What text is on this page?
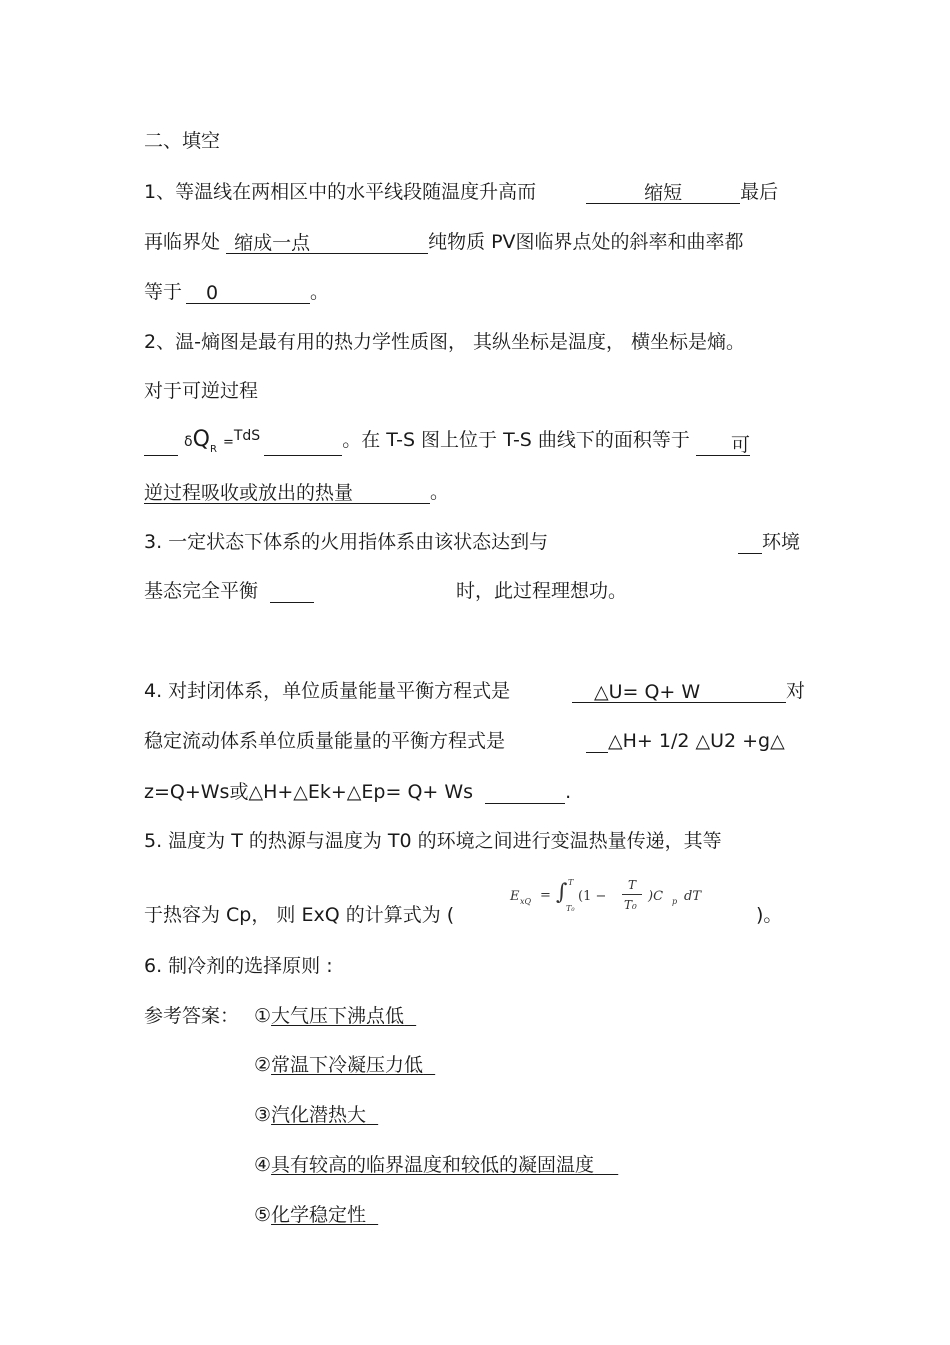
二、填空
1、等温线在两相区中的水平线段随温度升高而	缩短	最后
再临界处 缩成一点	纯物质 PV图临界点处的斜率和曲率都
等于 0	。
2、温-熵图是最有用的热力学性质图， 其纵坐标是温度， 横坐标是熵。
对于可逆过程
$\delta Q_R =^{TdS}$	。在 T-S 图上位于 T-S 曲线下的面积等于 可
逆过程吸收或放出的热量	。
3. 一定状态下体系的火用指体系由该状态达到与	环境
基态完全平衡	时，此过程理想功。
4. 对封闭体系，单位质量能量平衡方程式是	△U= Q+ W	对
稳定流动体系单位质量能量的平衡方程式是	△H+ 1/2 △U2 +g△
z=Q+Ws或△H+△Ek+△Ep= Q+ Ws	.
5. 温度为 T 的热源与温度为 T0 的环境之间进行变温热量传递，其等
于热容为 Cp， 则 ExQ 的计算式为 (
E xQ = ∫ T
T₀
(1 −
T
T₀
)C p dT
)。
6. 制冷剂的选择原则 :
参考答案： ①大气压下沸点低
②常温下冷凝压力低
③汽化潜热大
④具有较高的临界温度和较低的凝固温度
⑤化学稳定性
